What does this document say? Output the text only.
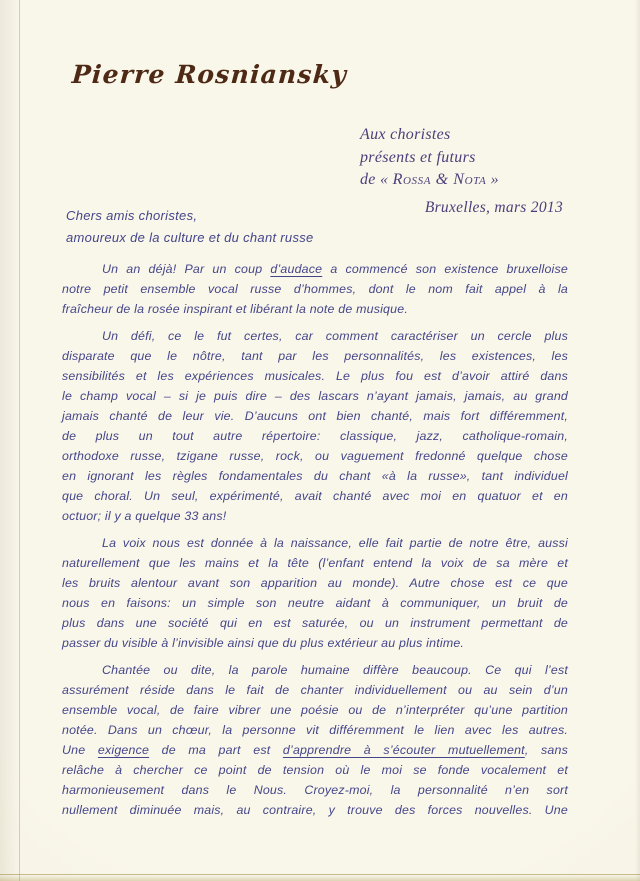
Pierre Rosniansky
Aux choristes
présents et futurs
de « Rossa & Nota »
Bruxelles, mars 2013
Chers amis choristes,
amoureux de la culture et du chant russe
Un an déjà! Par un coup d’audace a commencé son existence bruxelloise
notre petit ensemble vocal russe d’hommes, dont le nom fait appel à la
fraîcheur de la rosée inspirant et libérant la note de musique.
Un défi, ce le fut certes, car comment caractériser un cercle plus
disparate que le nôtre, tant par les personnalités, les existences, les
sensibilités et les expériences musicales. Le plus fou est d’avoir attiré dans
le champ vocal – si je puis dire – des lascars n’ayant jamais, jamais, au grand
jamais chanté de leur vie. D’aucuns ont bien chanté, mais fort différemment,
de plus un tout autre répertoire: classique, jazz, catholique-romain,
orthodoxe russe, tzigane russe, rock, ou vaguement fredonné quelque chose
en ignorant les règles fondamentales du chant «à la russe», tant individuel
que choral. Un seul, expérimenté, avait chanté avec moi en quatuor et en
octuor; il y a quelque 33 ans!
La voix nous est donnée à la naissance, elle fait partie de notre être, aussi
naturellement que les mains et la tête (l’enfant entend la voix de sa mère et
les bruits alentour avant son apparition au monde). Autre chose est ce que
nous en faisons: un simple son neutre aidant à communiquer, un bruit de
plus dans une société qui en est saturée, ou un instrument permettant de
passer du visible à l’invisible ainsi que du plus extérieur au plus intime.
Chantée ou dite, la parole humaine diffère beaucoup. Ce qui l’est
assurément réside dans le fait de chanter individuellement ou au sein d’un
ensemble vocal, de faire vibrer une poésie ou de n’interpréter qu’une partition
notée. Dans un chœur, la personne vit différemment le lien avec les autres.
Une exigence de ma part est d’apprendre à s’écouter mutuellement, sans
relâche à chercher ce point de tension où le moi se fonde vocalement et
harmonieusement dans le Nous. Croyez-moi, la personnalité n’en sort
nullement diminuée mais, au contraire, y trouve des forces nouvelles. Une
